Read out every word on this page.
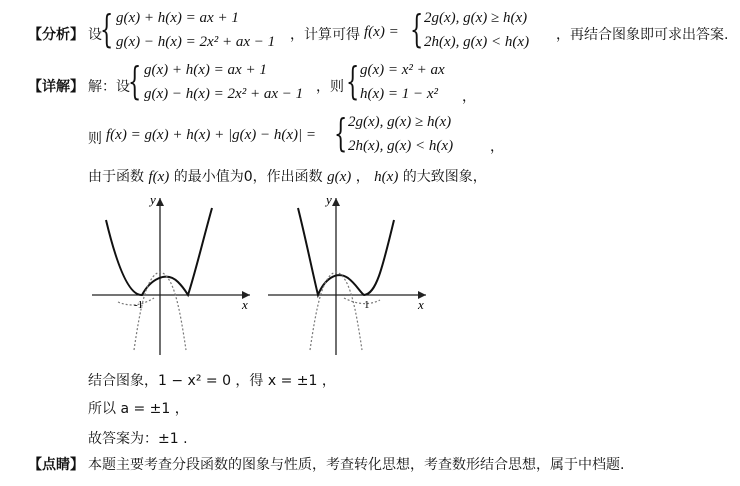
【分析】 设
{ g(x) + h(x) = ax + 1
g(x) − h(x) = 2x² + ax − 1 ，计算可得 f(x) = { 2g(x), g(x) ≥ h(x)
2h(x), g(x) < h(x) ，再结合图象即可求出答案.
【详解】 解：设
{ g(x) + h(x) = ax + 1
g(x) − h(x) = 2x² + ax − 1 ，则 { g(x) = x² + ax
h(x) = 1 − x² ，
则 f(x) = g(x) + h(x) + |g(x) − h(x)| = { 2g(x), g(x) ≥ h(x)
2h(x), g(x) < h(x)	，
由于函数 f(x) 的最小值为0，作出函数 g(x) ， h(x) 的大致图象，
y
x
-1
y
x
1
结合图象，1 − x² = 0 ，得 x = ±1 ，
所以 a = ±1 ，
故答案为：±1 .
【点睛】 本题主要考查分段函数的图象与性质，考查转化思想，考查数形结合思想，属于中档题.
